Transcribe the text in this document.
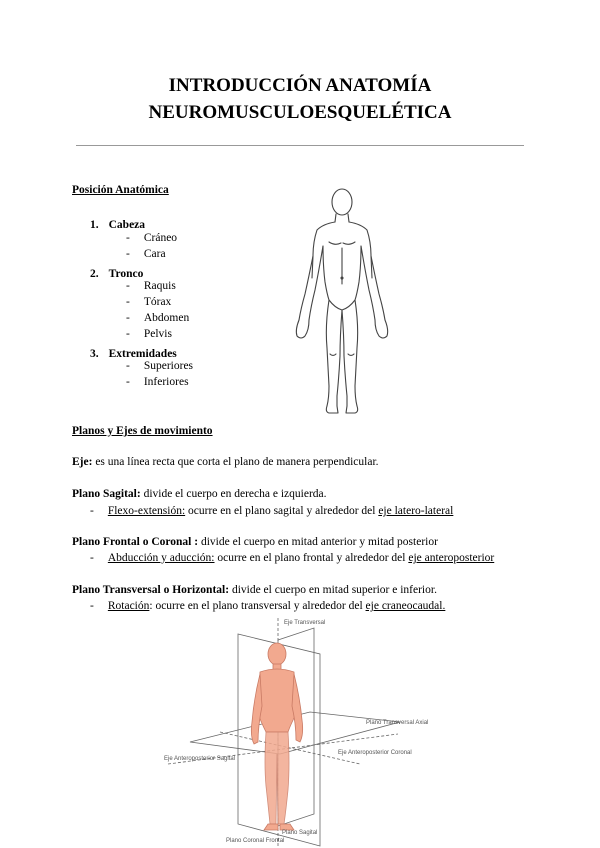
INTRODUCCIÓN ANATOMÍA
NEUROMUSCULOESQUELÉTICA
Posición Anatómica
1. Cabeza
- Cráneo
- Cara
2. Tronco
- Raquis
- Tórax
- Abdomen
- Pelvis
3. Extremidades
- Superiores
- Inferiores
Planos y Ejes de movimiento
Eje: es una línea recta que corta el plano de manera perpendicular.
Plano Sagital: divide el cuerpo en derecha e izquierda.
- Flexo-extensión: ocurre en el plano sagital y alrededor del eje latero-lateral
Plano Frontal o Coronal : divide el cuerpo en mitad anterior y mitad posterior
- Abducción y aducción: ocurre en el plano frontal y alrededor del eje anteroposterior
Plano Transversal o Horizontal: divide el cuerpo en mitad superior e inferior.
- Rotación: ocurre en el plano transversal y alrededor del eje craneocaudal.
Eje Transversal
Plano Transversal Axial
Eje Anteroposterior Sagital
Eje Anteroposterior Coronal
Plano Coronal Frontal
Plano Sagital
